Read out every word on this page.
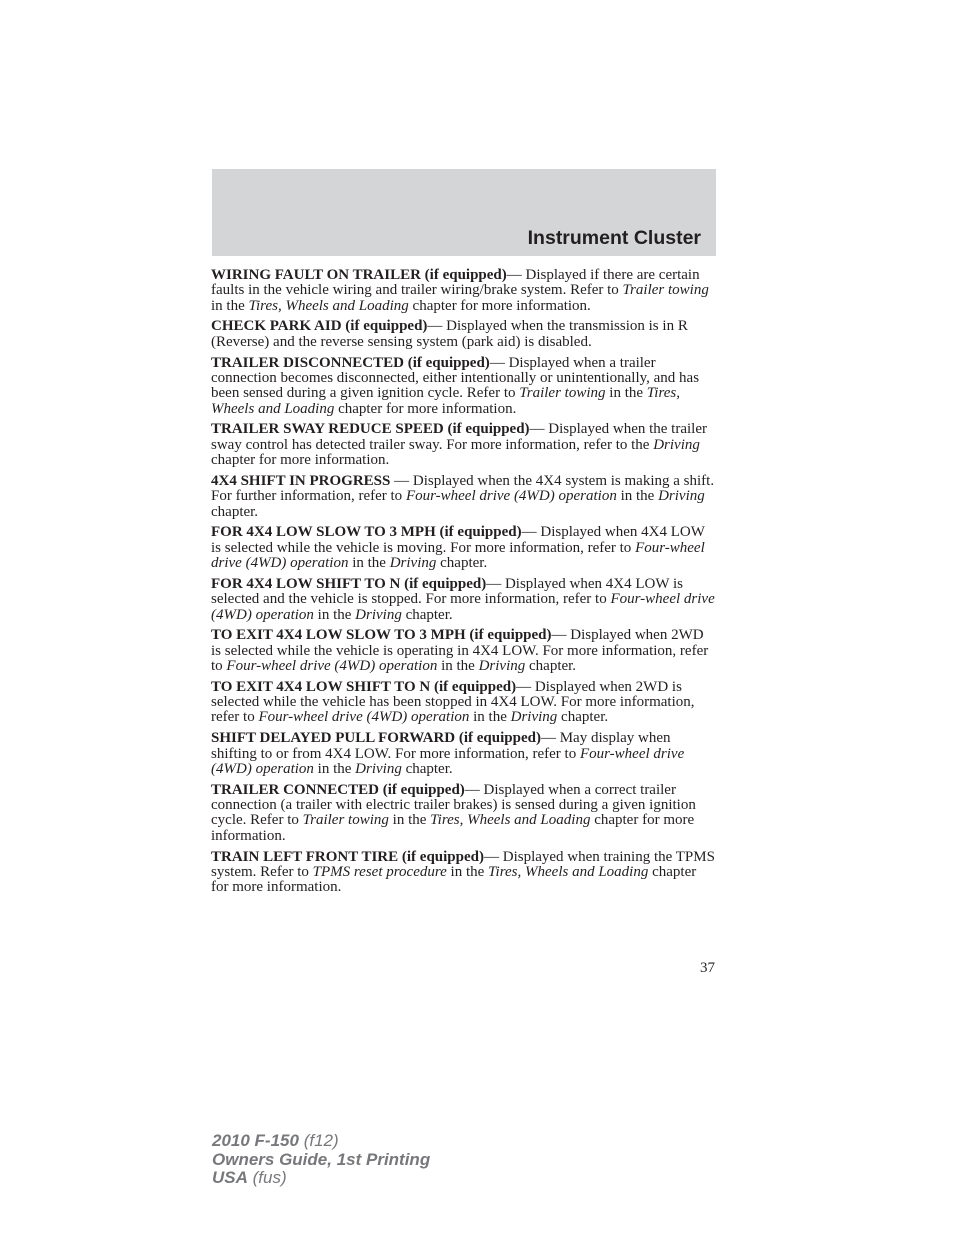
Instrument Cluster

WIRING FAULT ON TRAILER (if equipped)— Displayed if there are certain faults in the vehicle wiring and trailer wiring/brake system. Refer to Trailer towing in the Tires, Wheels and Loading chapter for more information.

CHECK PARK AID (if equipped)— Displayed when the transmission is in R (Reverse) and the reverse sensing system (park aid) is disabled.

TRAILER DISCONNECTED (if equipped)— Displayed when a trailer connection becomes disconnected, either intentionally or unintentionally, and has been sensed during a given ignition cycle. Refer to Trailer towing in the Tires, Wheels and Loading chapter for more information.

TRAILER SWAY REDUCE SPEED (if equipped)— Displayed when the trailer sway control has detected trailer sway. For more information, refer to the Driving chapter for more information.

4X4 SHIFT IN PROGRESS — Displayed when the 4X4 system is making a shift. For further information, refer to Four-wheel drive (4WD) operation in the Driving chapter.

FOR 4X4 LOW SLOW TO 3 MPH (if equipped)— Displayed when 4X4 LOW is selected while the vehicle is moving. For more information, refer to Four-wheel drive (4WD) operation in the Driving chapter.

FOR 4X4 LOW SHIFT TO N (if equipped)— Displayed when 4X4 LOW is selected and the vehicle is stopped. For more information, refer to Four-wheel drive (4WD) operation in the Driving chapter.

TO EXIT 4X4 LOW SLOW TO 3 MPH (if equipped)— Displayed when 2WD is selected while the vehicle is operating in 4X4 LOW. For more information, refer to Four-wheel drive (4WD) operation in the Driving chapter.

TO EXIT 4X4 LOW SHIFT TO N (if equipped)— Displayed when 2WD is selected while the vehicle has been stopped in 4X4 LOW. For more information, refer to Four-wheel drive (4WD) operation in the Driving chapter.

SHIFT DELAYED PULL FORWARD (if equipped)— May display when shifting to or from 4X4 LOW. For more information, refer to Four-wheel drive (4WD) operation in the Driving chapter.

TRAILER CONNECTED (if equipped)— Displayed when a correct trailer connection (a trailer with electric trailer brakes) is sensed during a given ignition cycle. Refer to Trailer towing in the Tires, Wheels and Loading chapter for more information.

TRAIN LEFT FRONT TIRE (if equipped)— Displayed when training the TPMS system. Refer to TPMS reset procedure in the Tires, Wheels and Loading chapter for more information.

37
2010 F-150 (f12)
Owners Guide, 1st Printing
USA (fus)
